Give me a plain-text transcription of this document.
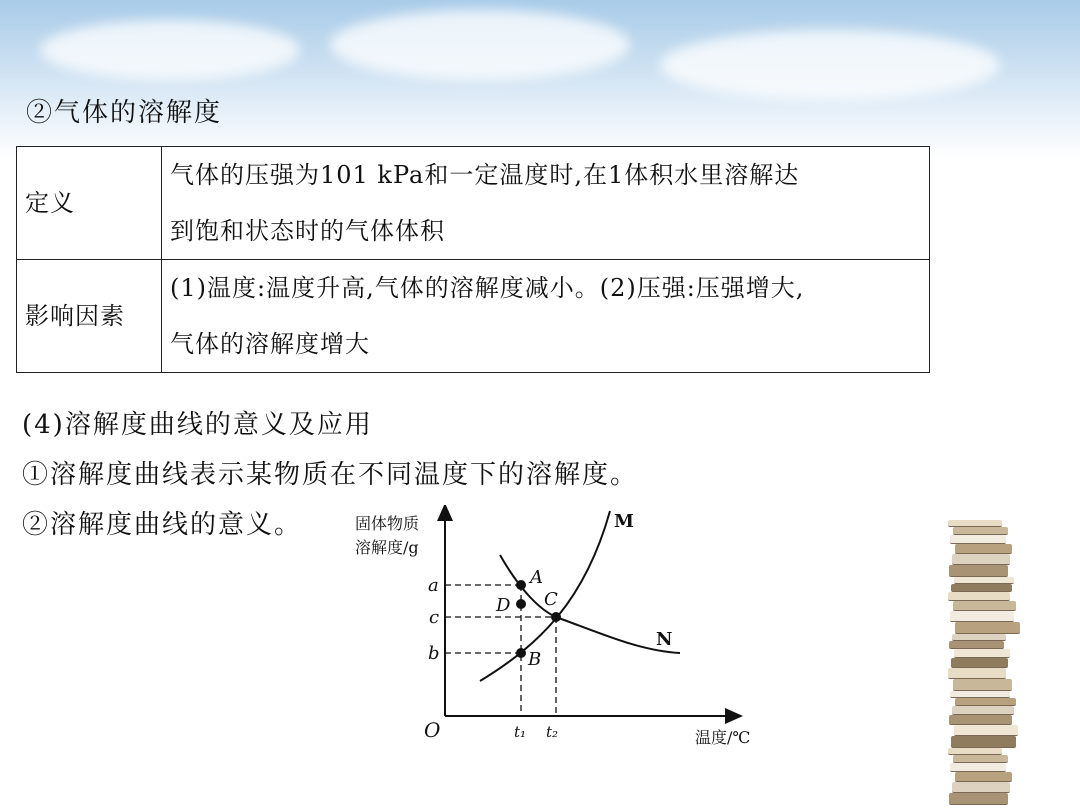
②气体的溶解度
定义	气体的压强为101 kPa和一定温度时,在1体积水里溶解达
到饱和状态时的气体体积

影响因素	(1)温度:温度升高,气体的溶解度减小。(2)压强:压强增大,
气体的溶解度增大
(4)溶解度曲线的意义及应用
①溶解度曲线表示某物质在不同温度下的溶解度。
②溶解度曲线的意义。	固体物质
溶解度/g
温度/℃
O
M
N
a
c
b
t₁ t₂
A
D C
B
